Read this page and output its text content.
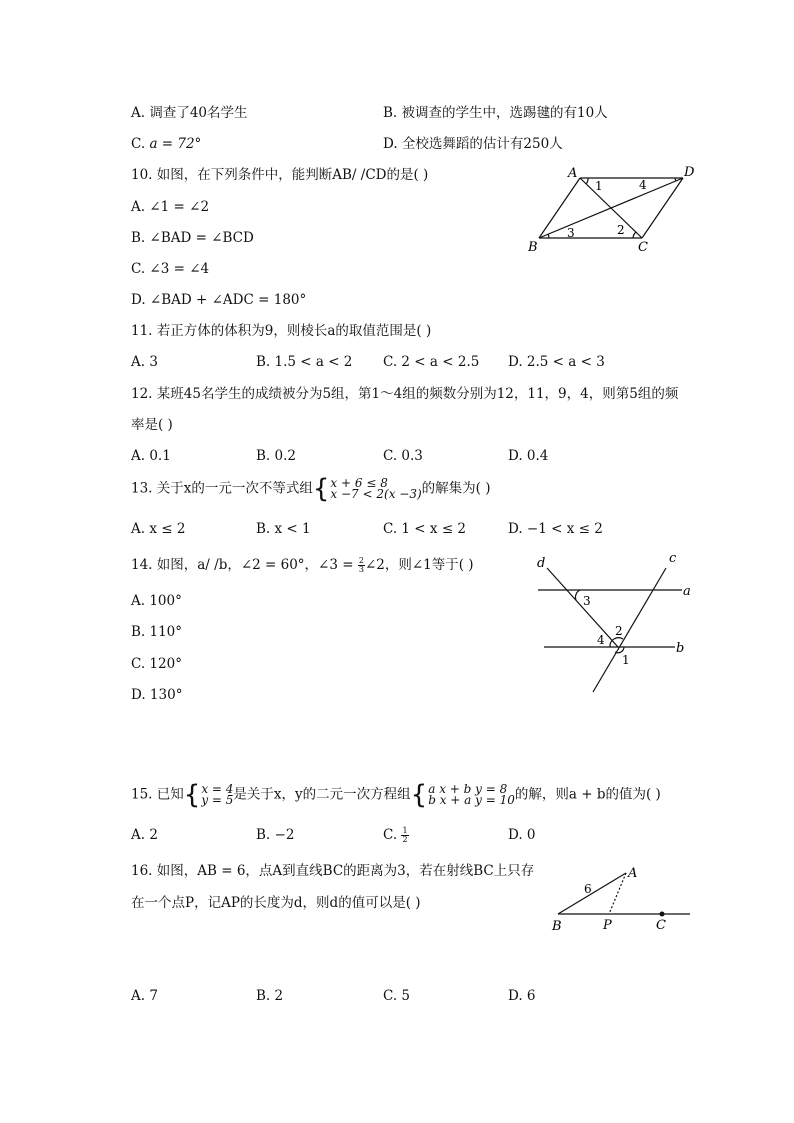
A. 调查了40名学生	B. 被调查的学生中，选踢毽的有10人
C. a = 72°	D. 全校选舞蹈的估计有250人
10. 如图，在下列条件中，能判断AB/ /CD的是( )
A. ∠1 = ∠2
B. ∠BAD = ∠BCD
C. ∠3 = ∠4
D. ∠BAD + ∠ADC = 180°
A	D
B	C
1	4
3	2
11. 若正方体的体积为9，则棱长a的取值范围是( )
A. 3	B. 1.5 < a < 2 C. 2 < a < 2.5 D. 2.5 < a < 3
12. 某班45名学生的成绩被分为5组，第1～4组的频数分别为12，11，9，4，则第5组的频
率是( )
A. 0.1	B. 0.2	C. 0.3	D. 0.4
13. 关于x的一元一次不等式组 { x + 6 ≤ 8
x −7 < 2(x −3) 的解集为( )
A. x ≤ 2	B. x < 1	C. 1 < x ≤ 2	D. −1 < x ≤ 2
14. 如图，a/ /b，∠2 = 60°，∠3 = $\frac{2}{3}$ ∠2，则∠1等于( )
A. 100°
B. 110°
C. 120°
D. 130°
d	c
a
b
3
2
4
1
15. 已知 { x = 4
y = 5 是关于x，y的二元一次方程组 { a x + b y = 8
b x + a y = 10 的解，则a + b的值为( )
A. 2	B. −2	C. $\frac{1}{2}$	D. 0
16. 如图，AB = 6，点A到直线BC的距离为3，若在射线BC上只存
在一个点P，记AP的长度为d，则d的值可以是( )
A
B	P	C
6
A. 7	B. 2	C. 5	D. 6
